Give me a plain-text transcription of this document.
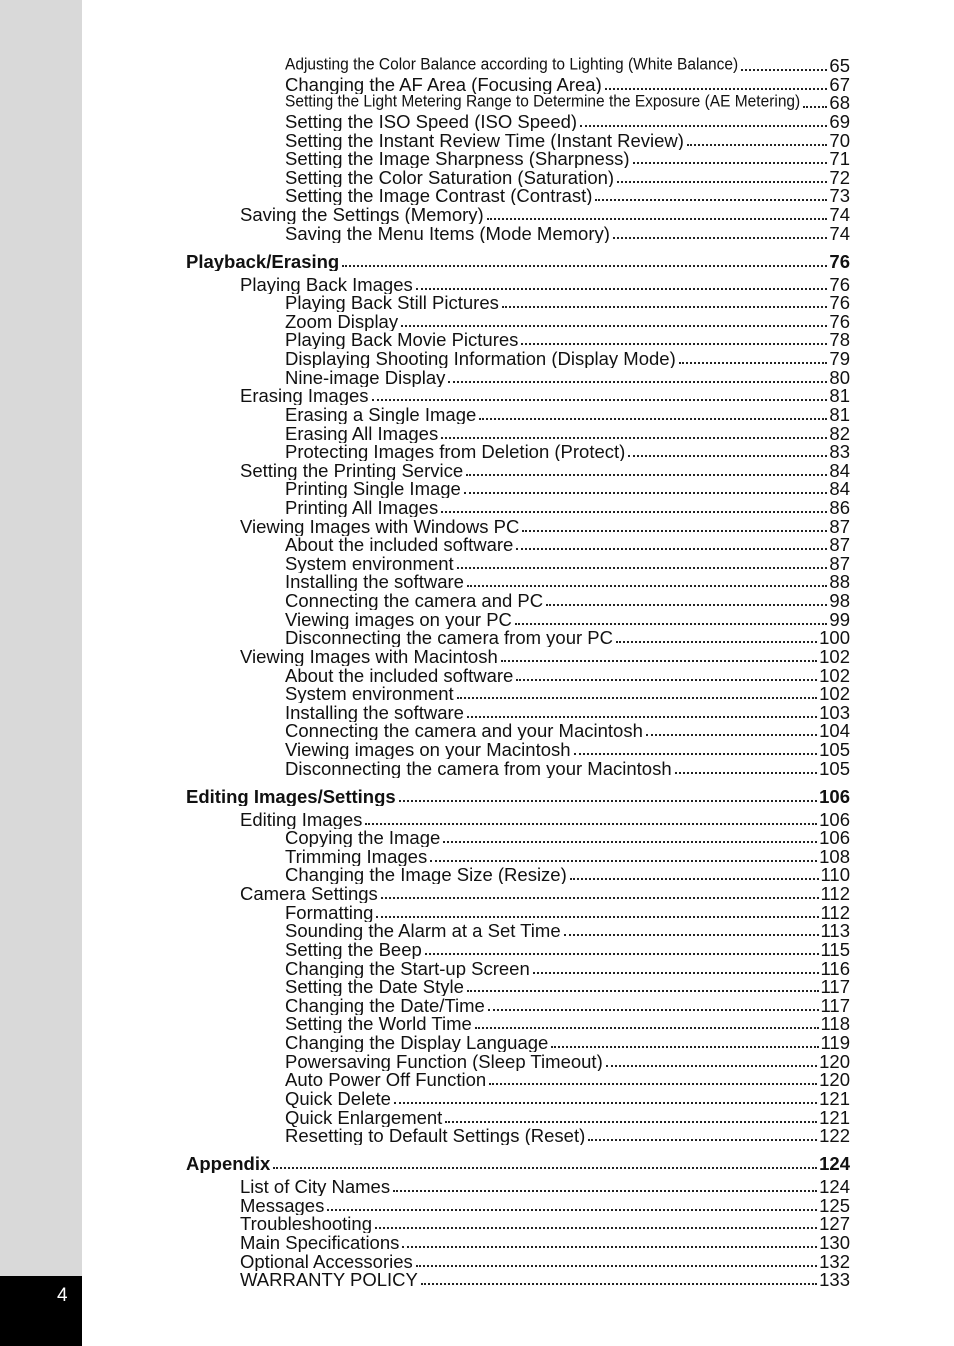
4
Adjusting the Color Balance according to Lighting (White Balance)	65
Changing the AF Area (Focusing Area)	67
Setting the Light Metering Range to Determine the Exposure (AE Metering) 68
Setting the ISO Speed (ISO Speed)	69
Setting the Instant Review Time (Instant Review)	70
Setting the Image Sharpness (Sharpness)	71
Setting the Color Saturation (Saturation)	72
Setting the Image Contrast (Contrast)	73
Saving the Settings (Memory)	74
Saving the Menu Items (Mode Memory)	74
Playback/Erasing	76
Playing Back Images	76
Playing Back Still Pictures	76
Zoom Display	76
Playing Back Movie Pictures	78
Displaying Shooting Information (Display Mode)	79
Nine-image Display	80
Erasing Images	81
Erasing a Single Image	81
Erasing All Images	82
Protecting Images from Deletion (Protect)	83
Setting the Printing Service	84
Printing Single Image	84
Printing All Images	86
Viewing Images with Windows PC	87
About the included software	87
System environment	87
Installing the software	88
Connecting the camera and PC	98
Viewing images on your PC	99
Disconnecting the camera from your PC	100
Viewing Images with Macintosh	102
About the included software	102
System environment	102
Installing the software	103
Connecting the camera and your Macintosh	104
Viewing images on your Macintosh	105
Disconnecting the camera from your Macintosh	105
Editing Images/Settings	106
Editing Images	106
Copying the Image	106
Trimming Images	108
Changing the Image Size (Resize)	110
Camera Settings	112
Formatting	112
Sounding the Alarm at a Set Time	113
Setting the Beep	115
Changing the Start-up Screen	116
Setting the Date Style	117
Changing the Date/Time	117
Setting the World Time	118
Changing the Display Language	119
Powersaving Function (Sleep Timeout)	120
Auto Power Off Function	120
Quick Delete	121
Quick Enlargement	121
Resetting to Default Settings (Reset)	122
Appendix	124
List of City Names	124
Messages	125
Troubleshooting	127
Main Specifications	130
Optional Accessories	132
WARRANTY POLICY	133
